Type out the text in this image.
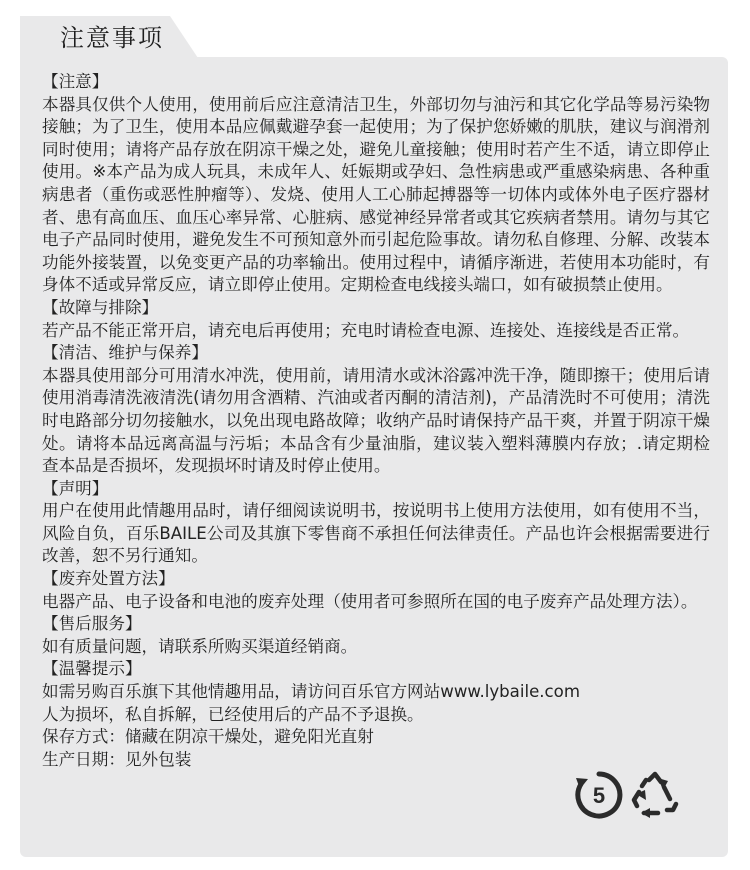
注意事项
【注意】

本器具仅供个人使用，使用前后应注意清洁卫生，外部切勿与油污和其它化学品等易污染物接触；为了卫生，使用本品应佩戴避孕套一起使用；为了保护您娇嫩的肌肤，建议与润滑剂同时使用；请将产品存放在阴凉干燥之处，避免儿童接触；使用时若产生不适，请立即停止使用。※本产品为成人玩具，未成年人、妊娠期或孕妇、急性病患或严重感染病患、各种重病患者（重伤或恶性肿瘤等）、发烧、使用人工心肺起搏器等一切体内或体外电子医疗器材者、患有高血压、血压心率异常、心脏病、感觉神经异常者或其它疾病者禁用。请勿与其它电子产品同时使用，避免发生不可预知意外而引起危险事故。请勿私自修理、分解、改装本功能外接装置，以免变更产品的功率输出。使用过程中，请循序渐进，若使用本功能时，有身体不适或异常反应，请立即停止使用。定期检查电线接头端口，如有破损禁止使用。

【故障与排除】

若产品不能正常开启，请充电后再使用；充电时请检查电源、连接处、连接线是否正常。

【清洁、维护与保养】

本器具使用部分可用清水冲洗，使用前，请用清水或沐浴露冲洗干净，随即擦干；使用后请使用消毒清洗液清洗(请勿用含酒精、汽油或者丙酮的清洁剂)，产品清洗时不可使用；清洗时电路部分切勿接触水，以免出现电路故障；收纳产品时请保持产品干爽，并置于阴凉干燥处。请将本品远离高温与污垢；本品含有少量油脂，建议装入塑料薄膜内存放；.请定期检查本品是否损坏，发现损坏时请及时停止使用。

【声明】

用户在使用此情趣用品时，请仔细阅读说明书，按说明书上使用方法使用，如有使用不当，风险自负，百乐BAILE公司及其旗下零售商不承担任何法律责任。产品也许会根据需要进行改善，恕不另行通知。

【废弃处置方法】

电器产品、电子设备和电池的废弃处理（使用者可参照所在国的电子废弃产品处理方法）。

【售后服务】

如有质量问题，请联系所购买渠道经销商。

【温馨提示】

如需另购百乐旗下其他情趣用品，请访问百乐官方网站www.lybaile.com

人为损坏，私自拆解，已经使用后的产品不予退换。

保存方式：储藏在阴凉干燥处，避免阳光直射

生产日期：见外包装

5
